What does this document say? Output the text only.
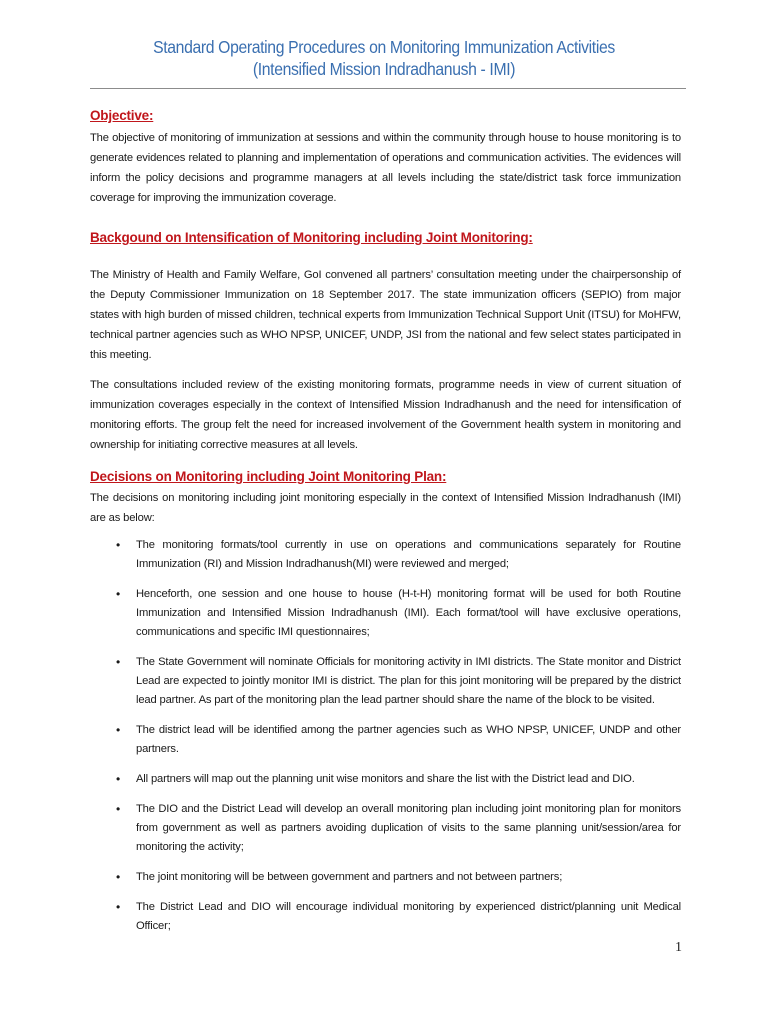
Standard Operating Procedures on Monitoring Immunization Activities
(Intensified Mission Indradhanush - IMI)
Objective:

The objective of monitoring of immunization at sessions and within the community through house to house monitoring is to generate evidences related to planning and implementation of operations and communication activities. The evidences will inform the policy decisions and programme managers at all levels including the state/district task force immunization coverage for improving the immunization coverage.

Backgound on Intensification of Monitoring including Joint Monitoring:

The Ministry of Health and Family Welfare, GoI convened all partners’ consultation meeting under the chairpersonship of the Deputy Commissioner Immunization on 18 September 2017. The state immunization officers (SEPIO) from major states with high burden of missed children, technical experts from Immunization Technical Support Unit (ITSU) for MoHFW, technical partner agencies such as WHO NPSP, UNICEF, UNDP, JSI from the national and few select states participated in this meeting.

The consultations included review of the existing monitoring formats, programme needs in view of current situation of immunization coverages especially in the context of Intensified Mission Indradhanush and the need for intensification of monitoring efforts. The group felt the need for increased involvement of the Government health system in monitoring and ownership for initiating corrective measures at all levels.

Decisions on Monitoring including Joint Monitoring Plan:

The decisions on monitoring including joint monitoring especially in the context of Intensified Mission Indradhanush (IMI) are as below:

• The monitoring formats/tool currently in use on operations and communications separately for Routine Immunization (RI) and Mission Indradhanush(MI) were reviewed and merged;
• Henceforth, one session and one house to house (H-t-H) monitoring format will be used for both Routine Immunization and Intensified Mission Indradhanush (IMI). Each format/tool will have exclusive operations, communications and specific IMI questionnaires;
• The State Government will nominate Officials for monitoring activity in IMI districts. The State monitor and District Lead are expected to jointly monitor IMI is district. The plan for this joint monitoring will be prepared by the district lead partner. As part of the monitoring plan the lead partner should share the name of the block to be visited.
• The district lead will be identified among the partner agencies such as WHO NPSP, UNICEF, UNDP and other partners.
• All partners will map out the planning unit wise monitors and share the list with the District lead and DIO.
• The DIO and the District Lead will develop an overall monitoring plan including joint monitoring plan for monitors from government as well as partners avoiding duplication of visits to the same planning unit/session/area for monitoring the activity;
• The joint monitoring will be between government and partners and not between partners;
• The District Lead and DIO will encourage individual monitoring by experienced district/planning unit Medical Officer;
1
